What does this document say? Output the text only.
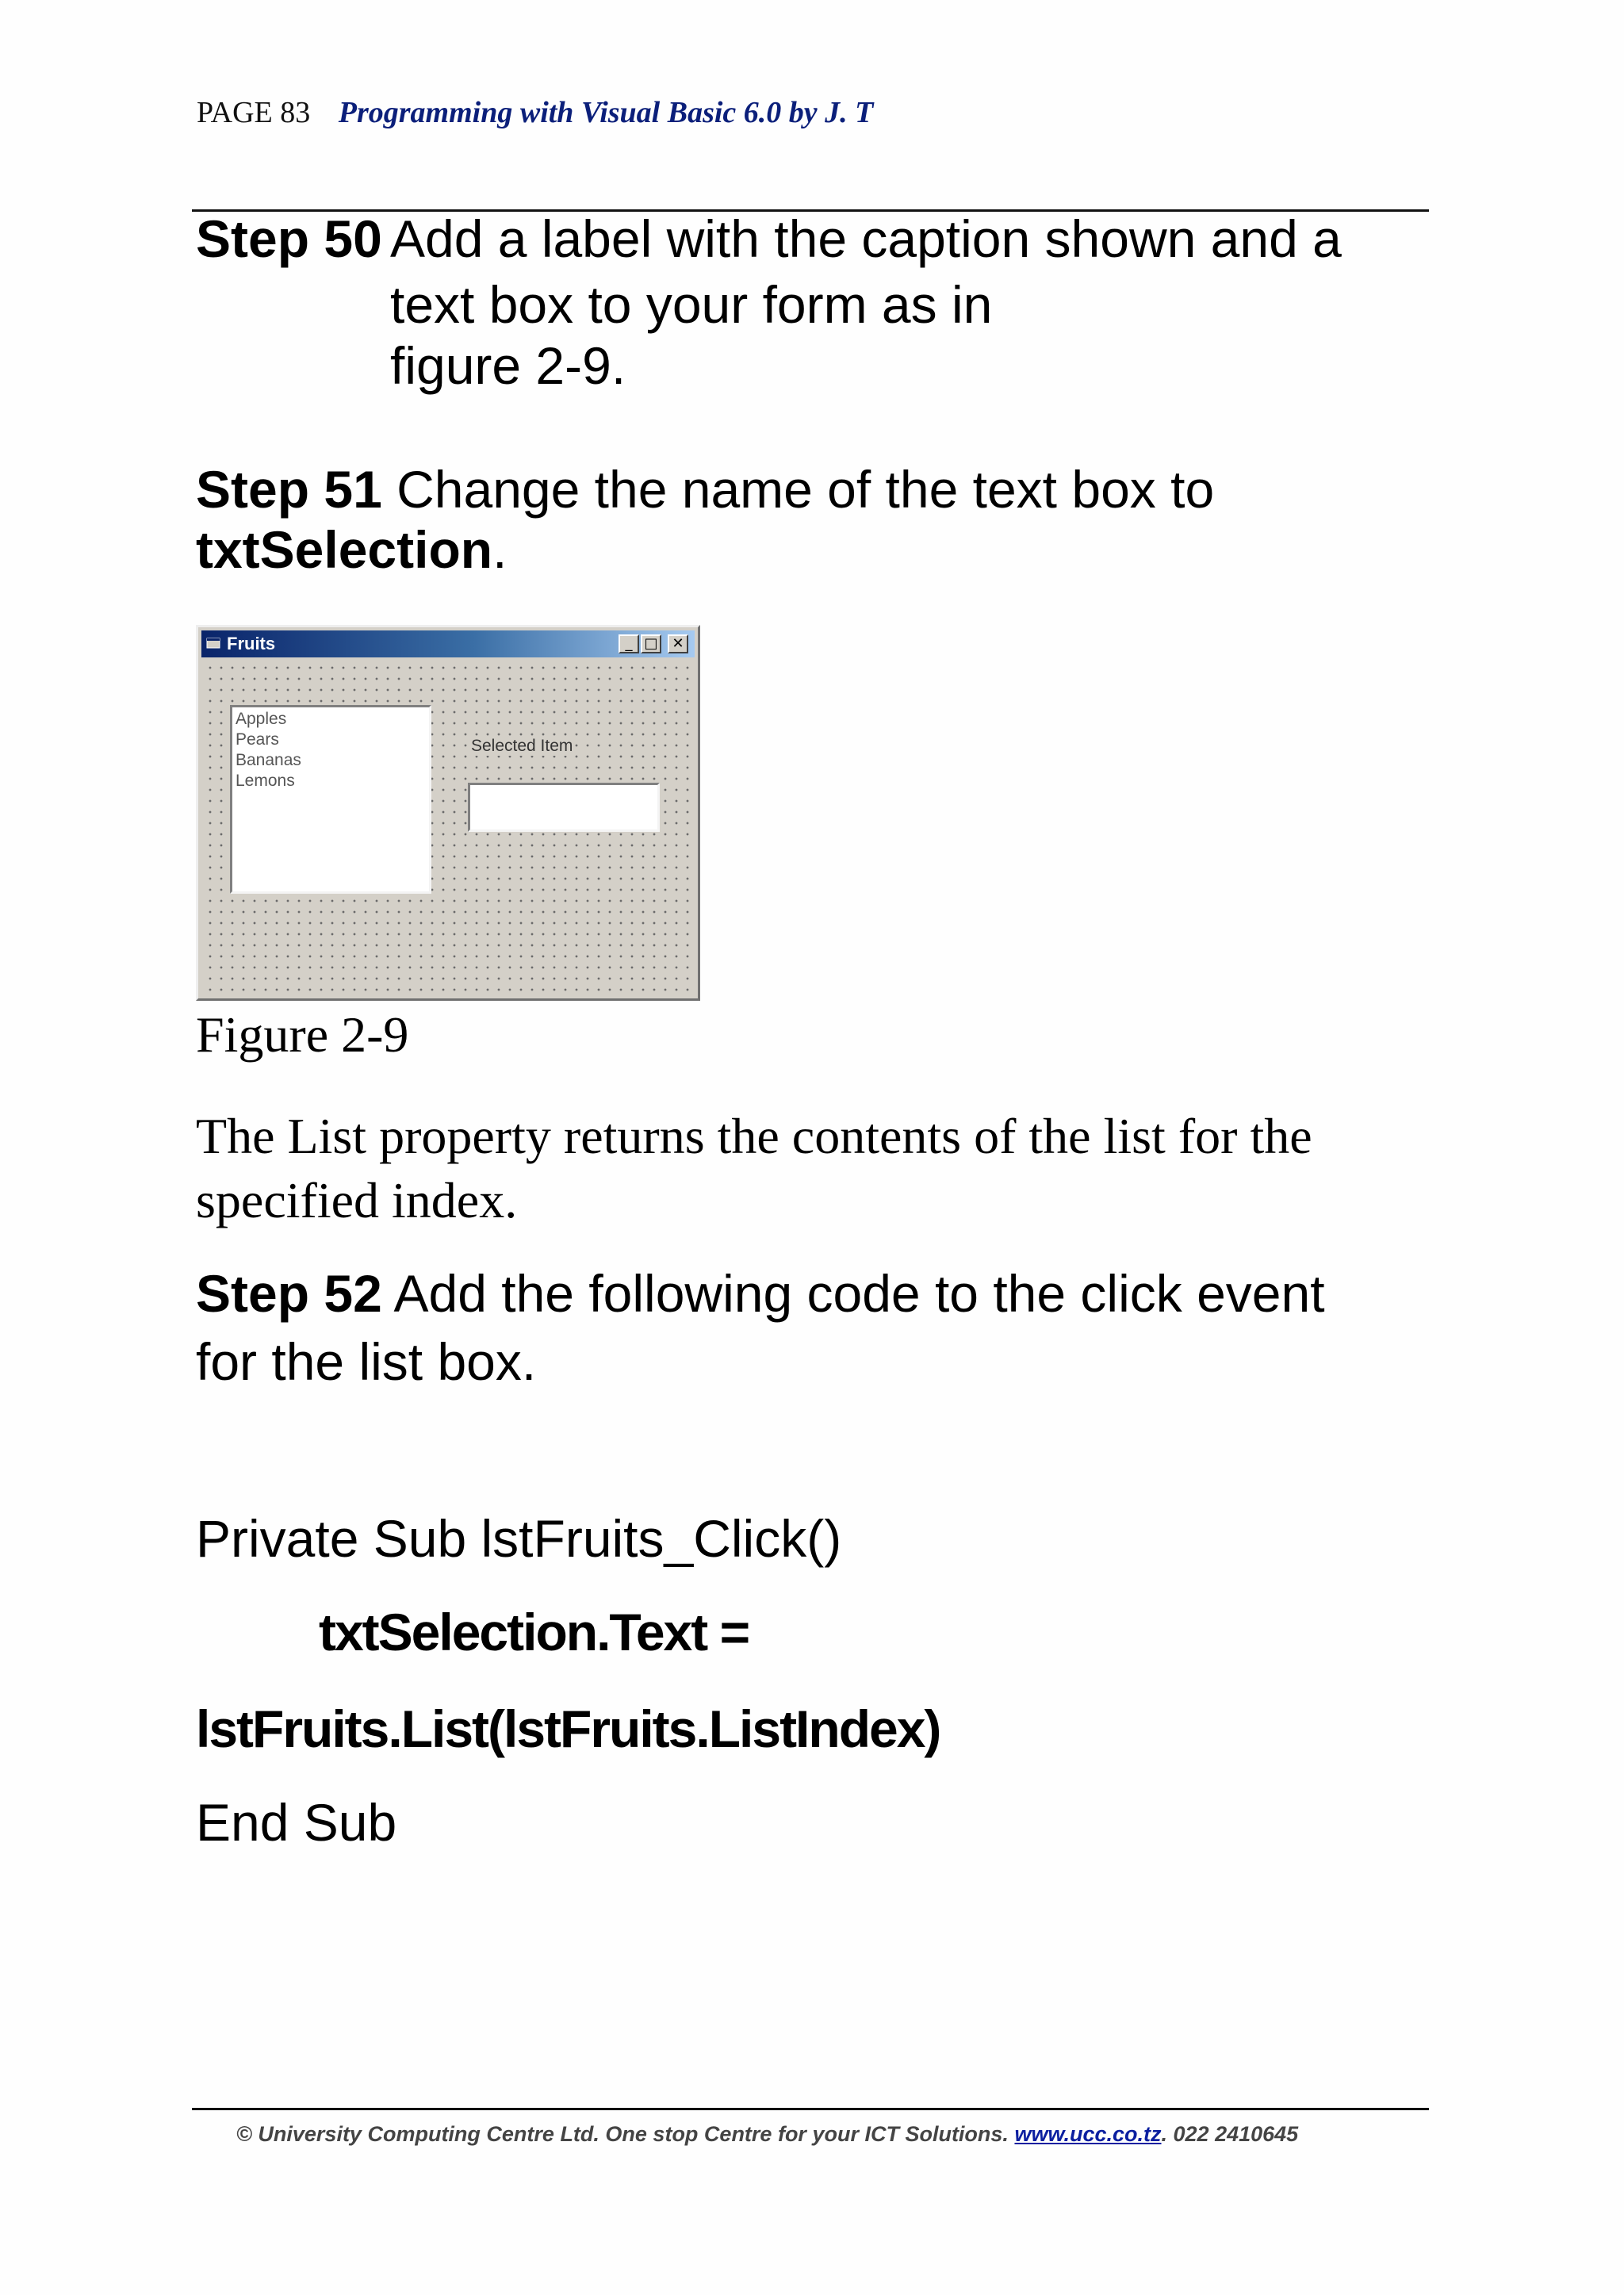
PAGE 83 Programming with Visual Basic 6.0 by J. T
Step 50 Add a label with the caption shown and a
text box to your form as in
figure 2-9.
Step 51 Change the name of the text box to
txtSelection.
Fruits	_ □ ✕
Apples
Pears
Bananas
Lemons
Selected Item
Figure 2-9
The List property returns the contents of the list for the
specified index.
Step 52 Add the following code to the click event
for the list box.
Private Sub lstFruits_Click()
txtSelection.Text =
lstFruits.List(lstFruits.ListIndex)
End Sub
© University Computing Centre Ltd. One stop Centre for your ICT Solutions. www.ucc.co.tz. 022 2410645
